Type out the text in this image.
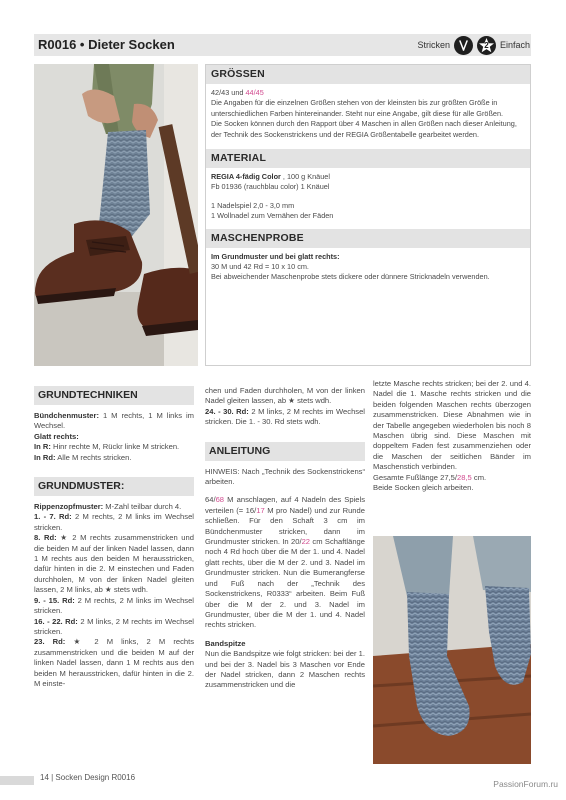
R0016 • Dieter Socken	Stricken	2 Einfach
GRÖSSEN
42/43 und 44/45
Die Angaben für die einzelnen Größen stehen von der kleinsten bis zur größten Größe in unterschiedlichen Farben hintereinander. Steht nur eine Angabe, gilt diese für alle Größen.
Die Socken können durch den Rapport über 4 Maschen in allen Größen nach dieser Anleitung, der Technik des Sockenstrickens und der REGIA Größentabelle gearbeitet werden.
MATERIAL
REGIA 4-fädig Color , 100 g Knäuel
Fb 01936 (rauchblau color) 1 Knäuel
1 Nadelspiel 2,0 - 3,0 mm
1 Wollnadel zum Vernähen der Fäden
MASCHENPROBE
Im Grundmuster und bei glatt rechts:
30 M und 42 Rd = 10 x 10 cm.
Bei abweichender Maschenprobe stets dickere oder dünnere Stricknadeln verwenden.
GRUNDTECHNIKEN

Bündchenmuster: 1 M rechts, 1 M links im Wechsel.

Glatt rechts:

In R: Hinr rechte M, Rückr linke M stricken.

In Rd: Alle M rechts stricken.

GRUNDMUSTER:

Rippenzopfmuster: M-Zahl teilbar durch 4.

1. - 7. Rd: 2 M rechts, 2 M links im Wechsel stricken.

8. Rd: ★ 2 M rechts zusammenstricken und die beiden M auf der linken Nadel lassen, dann 1 M rechts aus den beiden M herausstricken, dafür hinten in die 2. M einstechen und Faden durchholen, M von der linken Nadel gleiten lassen, 2 M links, ab ★ stets wdh.

9. - 15. Rd: 2 M rechts, 2 M links im Wechsel stricken.

16. - 22. Rd: 2 M links, 2 M rechts im Wechsel stricken.

23. Rd: ★ 2 M links, 2 M rechts zusammenstricken und die beiden M auf der linken Nadel lassen, dann 1 M rechts aus den beiden M herausstricken, dafür hinten in die 2. M einste-

chen und Faden durchholen, M von der linken Nadel gleiten lassen, ab ★ stets wdh.

24. - 30. Rd: 2 M links, 2 M rechts im Wechsel stricken. Die 1. - 30. Rd stets wdh.

ANLEITUNG

HINWEIS: Nach „Technik des Sockenstrickens“ arbeiten.

64/68 M anschlagen, auf 4 Nadeln des Spiels verteilen (= 16/17 M pro Nadel) und zur Runde schließen. Für den Schaft 3 cm im Bündchenmuster stricken, dann im Grundmuster stricken. In 20/22 cm Schaftlänge noch 4 Rd hoch über die M der 1. und 4. Nadel glatt rechts, über die M der 2. und 3. Nadel im Grundmuster stricken. Nun die Bumerangferse und Fuß nach der „Technik des Sockenstrickens, R0333“ arbeiten. Beim Fuß über die M der 2. und 3. Nadel im Grundmuster, über die M der 1. und 4. Nadel rechts stricken.

Bandspitze

Nun die Bandspitze wie folgt stricken: bei der 1. und bei der 3. Nadel bis 3 Maschen vor Ende der Nadel stricken, dann 2 Maschen rechts zusammenstricken und die

letzte Masche rechts stricken; bei der 2. und 4. Nadel die 1. Masche rechts stricken und die beiden folgenden Maschen rechts überzogen zusammenstricken. Diese Abnahmen wie in der Tabelle angegeben wiederholen bis noch 8 Maschen übrig sind. Diese Maschen mit doppeltem Faden fest zusammenziehen oder die Maschen der seitlichen Bänder im Maschenstich verbinden.

Gesamte Fußlänge 27,5/28,5 cm.

Beide Socken gleich arbeiten.

14 | Socken Design R0016
PassionForum.ru
